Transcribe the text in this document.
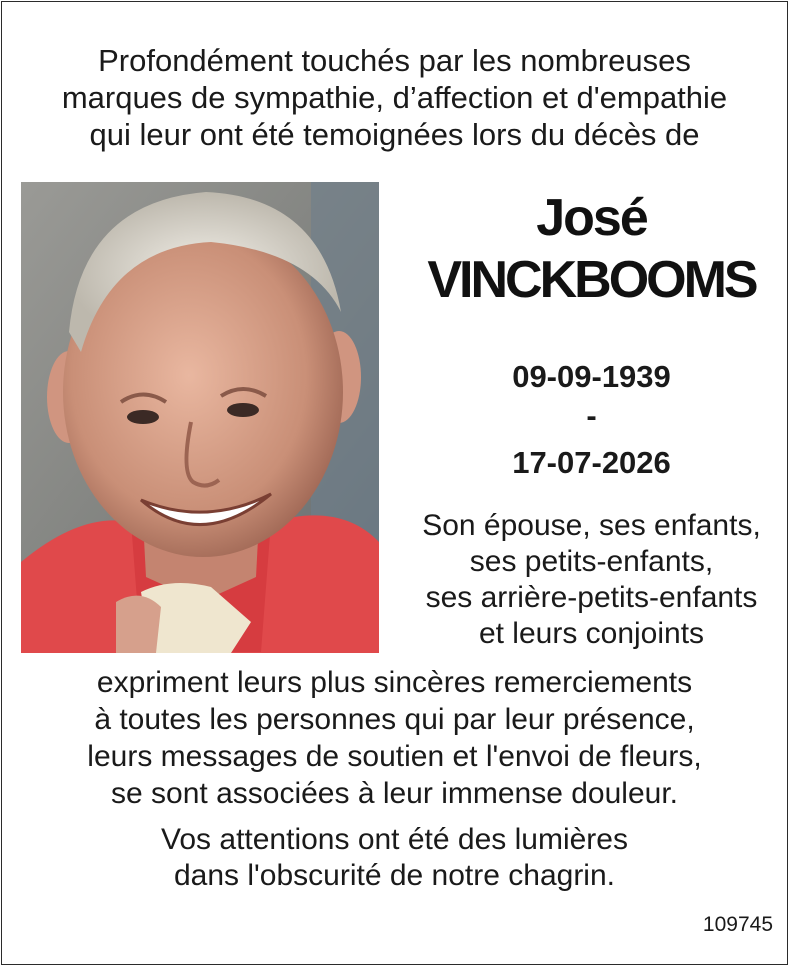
Profondément touchés par les nombreuses
marques de sympathie, d’affection et d'empathie
qui leur ont été temoignées lors du décès de
José
VINCKBOOMS
09-09-1939
-
17-07-2026
Son épouse, ses enfants,
ses petits-enfants,
ses arrière-petits-enfants
et leurs conjoints
expriment leurs plus sincères remerciements
à toutes les personnes qui par leur présence,
leurs messages de soutien et l'envoi de fleurs,
se sont associées à leur immense douleur.
Vos attentions ont été des lumières
dans l'obscurité de notre chagrin.
109745
